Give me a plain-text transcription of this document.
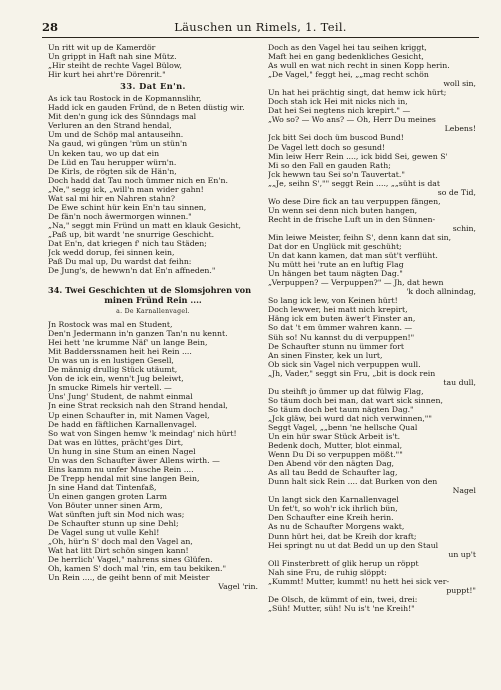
28	Läuschen un Rimels, 1. Teil.
Un ritt wit up de Kamerdör
Un grippt in Haft nah sine Mütz.
„Hir steiht de rechte Vagel Bülow,
Hir kurt hei ahrt're Dörenrit."
33. Dat En'n.
As ick tau Rostock in de Kopmannslihr,
Hadd ick en gauden Fründ, de n Beten düstig wir.
Mit den'n gung ick des Sünndags mal
Verluren an den Strand hendal,
Um und de Schöp mal antauseihn.
Na gaud, wi güngen 'rüm un stün'n
Un keken tau, wo up dat ein
De Lüd en Tau herupper würn'n.
De Kirls, de rögten sik de Hän'n,
Doch hadd dat Tau noch ümmer nich en En'n.
„Ne," segg ick, „will'n man wider gahn!
Wat sal mi hir en Nahren stahn?
De Ewe schint hür kein En'n tau sinnen,
De fän'n noch äwermorgen winnen."
„Na," seggt min Fründ un matt en klauk Gesicht,
„Paß up, bit wardt 'ne snurrige Geschicht.
Dat En'n, dat kriegen f' nich tau Städen;
Jck wedd dorup, fei sinnen kein,
Paß Du mal up, Du wardst dat feihn:
De Jung's, de hewwn'n dat En'n affneden."
34. Twei Geschichten ut de Slomsjohren von
minen Fründ Rein ....
a. De Karnallenvagel.
Jn Rostock was mal en Student,
Den'n Jedermann in'n ganzen Tan'n nu kennt.
Hei hett 'ne krumme Näf' un lange Bein,
Mit Badderssnamen heit hei Rein ....
Un was un is en lustigen Gesell,
De männig drullig Stück utäumt,
Von de ick ein, wenn't Jug beleiwt,
Jn smucke Rimels hir vertell. —
Uns' Jung' Student, de nahmt einmal
Jn eine Strat recksich nah den Strand hendal,
Up einen Schaufter in, mit Namen Vagel,
De hadd en fäftlichen Karnallenvagel.
So wat von Singen hemw 'k meindag' nich hürt!
Dat was en lüttes, prächt'ges Dirt,
Un hung in sine Stum an einen Nagel
Un was den Schaufter äwer Allens wirth. —
Eins kamm nu unfer Musche Rein ....
De Trepp hendal mit sine langen Bein,
Jn sine Hand dat Tintenfaß,
Un einen gangen groten Larm
Von Böuter unner sinen Arm,
Wat sünften juft sin Mod nich was;
De Schaufter stunn up sine Dehl;
De Vagel sung ut vulle Kehl!
„Oh, hür'n S' doch mal den Vagel an,
Wat hat litt Dirt schön singen kann!
De herrlich' Vagel," nahrens sines Glüfen.
Oh, kamen S' doch mal 'rin, em tau bekiken."
Un Rein ...., de geiht benn of mit Meister
Vagel 'rin.
Doch as den Vagel hei tau seihen kriggt,
Maft hei en gang bedenkliches Gesicht,
As wull en wat nich recht in sinen Kopp herin.
„De Vagel," feggt hei, „„mag recht schön
woll sin,
Un hat hei prächtig singt, dat hemw ick hürt;
Doch stah ick Hei mit nicks nich in,
Dat hei Sei negtens nich krepirt." —
„Wo so? — Wo ans? — Oh, Herr Du meines
Lebens!
Jck bitt Sei doch üm buscod Bund!
De Vagel lett doch so gesund!
Min leiw Herr Rein ...., ick bidd Sei, gewen S'
Mi so den Fall en gauden Rath;
Jck hewwn tau Sei so'n Tauvertat."
„„Je, seihn S',"" seggt Rein ...., „„süht is dat
so de Tid,
Wo dese Dire fick an tau verpuppen fängen,
Un wenn sei denn nich buten hangen,
Recht in de frische Luft un in den Sünnen-
schin,
Min leiwe Meister, feihn S', denn kann dat sin,
Dat dor en Unglück mit geschüht;
Un dat kann kamen, dat man süt't verflüht.
Nu mütt hei 'rute an en luftig Flag
Un hängen bet taum nägten Dag."
„Verpuppen? — Verpuppen?" — Jh, dat hewn
'k doch allnindag,
So lang ick lew, von Keinen hürt!
Doch lewwer, hei matt nich krepirt,
Häng ick em buten äwer't Finster an,
So dat 't em ümmer wahren kann. —
Süh so! Nu kannst du di verpuppen!"
De Schaufter stunn nu ümmer fort
An sinen Finster, kek un lurt,
Ob sick sin Vagel nich verpuppen wull.
„Jh, Vader," seggt sin Fru, „bit is dock rein
tau dull,
Du steihft jo ümmer up dat fülwig Flag,
So täum doch bei man, dat wart sick sinnen,
So täum doch bet taum nägten Dag."
„Jck gläw, bei wurd dat nich verwinnen,""
Seggt Vagel, „„benn 'ne hellsche Qual
Un ein hür swar Stück Arbeit is't.
Bedenk doch, Mutter, blot einmal,
Wenn Du Di so verpuppen mößt.""
Den Abend vör den nägten Dag,
As all tau Bedd de Schaufter lag,
Dunn halt sick Rein .... dat Burken von den
Nagel
Un langt sick den Karnallenvagel
Un fet't, so woh'r ick ihrlich bün,
Den Schaufter eine Kreih herin.
As nu de Schaufter Morgens wakt,
Dunn hürt hei, dat be Kreih dor kraft;
Hei springt nu ut dat Bedd un up den Staul
un up't
Oll Finsterbrett of glik herup un röppt
Nah sine Fru, de ruhig slöppt:
„Kummt! Mutter, kummt! nu hett hei sick ver-
puppt!"
De Olsch, de kümmt of ein, twei, drei:
„Süh! Mutter, süh! Nu is't 'ne Kreih!"
